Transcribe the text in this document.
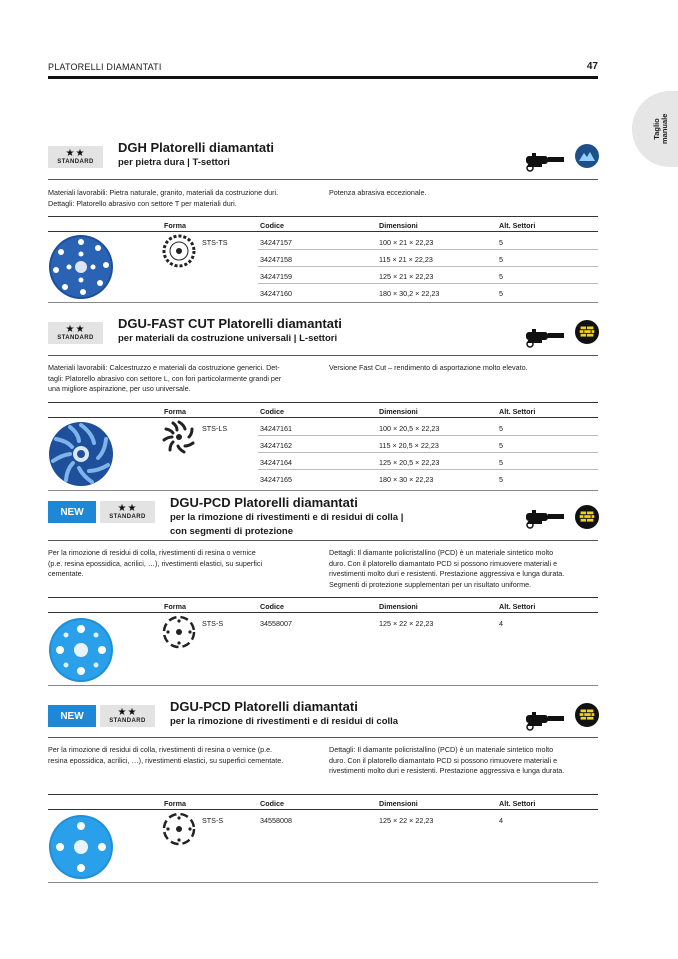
PLATORELLI DIAMANTATI	47
Taglio manuale
★★
STANDARD
DGH Platorelli diamantati
per pietra dura | T-settori
Materiali lavorabili: Pietra naturale, granito, materiali da costruzione duri.
Dettagli: Platorello abrasivo con settore T per materiali duri.
Potenza abrasiva eccezionale.
Forma	Codice	Dimensioni	Alt. Settori
STS-TS	34247157	100 × 21 × 22,23	5
34247158	115 × 21 × 22,23	5
34247159	125 × 21 × 22,23	5
34247160	180 × 30,2 × 22,23	5
★★
STANDARD
DGU-FAST CUT Platorelli diamantati
per materiali da costruzione universali | L-settori
Materiali lavorabili: Calcestruzzo e materiali da costruzione generici. Det-
tagli: Platorello abrasivo con settore L, con fori particolarmente grandi per
una migliore aspirazione, per uso universale.
Versione Fast Cut – rendimento di asportazione molto elevato.
Forma	Codice	Dimensioni	Alt. Settori
STS-LS	34247161	100 × 20,5 × 22,23	5
34247162	115 × 20,5 × 22,23	5
34247164	125 × 20,5 × 22,23	5
34247165	180 × 30 × 22,23	5
NEW	★★
STANDARD
DGU-PCD Platorelli diamantati
per la rimozione di rivestimenti e di residui di colla |
con segmenti di protezione
Per la rimozione di residui di colla, rivestimenti di resina o vernice
(p.e. resina epossidica, acrilici, …), rivestimenti elastici, su superfici
cementate.
Dettagli: Il diamante policristallino (PCD) è un materiale sintetico molto
duro. Con il platorello diamantato PCD si possono rimuovere materiali e
rivestimenti molto duri e resistenti. Prestazione aggressiva e lunga durata.
Segmenti di protezione supplementari per un risultato uniforme.
Forma	Codice	Dimensioni	Alt. Settori
STS-S	34558007	125 × 22 × 22,23	4
NEW	★★
STANDARD
DGU-PCD Platorelli diamantati
per la rimozione di rivestimenti e di residui di colla
Per la rimozione di residui di colla, rivestimenti di resina o vernice (p.e.
resina epossidica, acrilici, …), rivestimenti elastici, su superfici cementate.
Dettagli: Il diamante policristallino (PCD) è un materiale sintetico molto
duro. Con il platorello diamantato PCD si possono rimuovere materiali e
rivestimenti molto duri e resistenti. Prestazione aggressiva e lunga durata.
Forma	Codice	Dimensioni	Alt. Settori
STS-S	34558008	125 × 22 × 22,23	4
